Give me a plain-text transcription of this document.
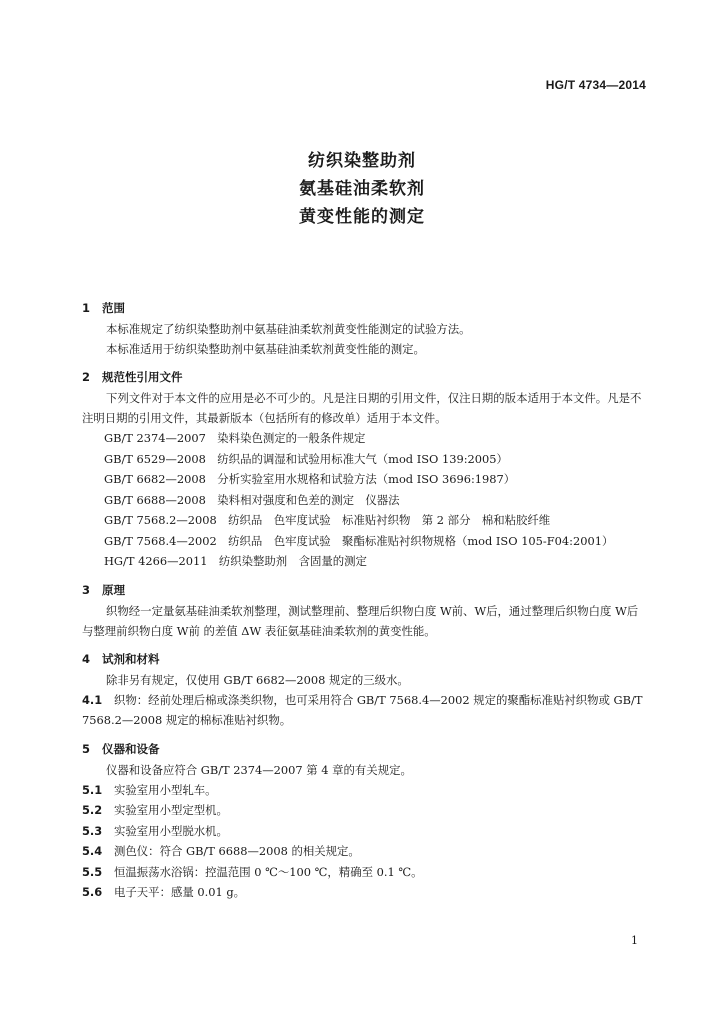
HG/T 4734—2014
纺织染整助剂
氨基硅油柔软剂
黄变性能的测定
1 范围
本标准规定了纺织染整助剂中氨基硅油柔软剂黄变性能测定的试验方法。
本标准适用于纺织染整助剂中氨基硅油柔软剂黄变性能的测定。
2 规范性引用文件
下列文件对于本文件的应用是必不可少的。凡是注日期的引用文件，仅注日期的版本适用于本文件。凡是不注明日期的引用文件，其最新版本（包括所有的修改单）适用于本文件。
GB/T 2374—2007　染料染色测定的一般条件规定
GB/T 6529—2008　纺织品的调湿和试验用标准大气（mod ISO 139:2005）
GB/T 6682—2008　分析实验室用水规格和试验方法（mod ISO 3696:1987）
GB/T 6688—2008　染料相对强度和色差的测定　仪器法
GB/T 7568.2—2008　纺织品　色牢度试验　标准贴衬织物　第 2 部分　棉和粘胶纤维
GB/T 7568.4—2002　纺织品　色牢度试验　聚酯标准贴衬织物规格（mod ISO 105-F04:2001）
HG/T 4266—2011　纺织染整助剂　含固量的测定
3 原理
织物经一定量氨基硅油柔软剂整理，测试整理前、整理后织物白度 W前、W后，通过整理后织物白度 W后 与整理前织物白度 W前 的差值 ΔW 表征氨基硅油柔软剂的黄变性能。
4 试剂和材料
除非另有规定，仅使用 GB/T 6682—2008 规定的三级水。
4.1 织物：经前处理后棉或涤类织物，也可采用符合 GB/T 7568.4—2002 规定的聚酯标准贴衬织物或 GB/T 7568.2—2008 规定的棉标准贴衬织物。
5 仪器和设备
仪器和设备应符合 GB/T 2374—2007 第 4 章的有关规定。
5.1 实验室用小型轧车。
5.2 实验室用小型定型机。
5.3 实验室用小型脱水机。
5.4 测色仪：符合 GB/T 6688—2008 的相关规定。
5.5 恒温振荡水浴锅：控温范围 0 ℃～100 ℃，精确至 0.1 ℃。
5.6 电子天平：感量 0.01 g。
1
